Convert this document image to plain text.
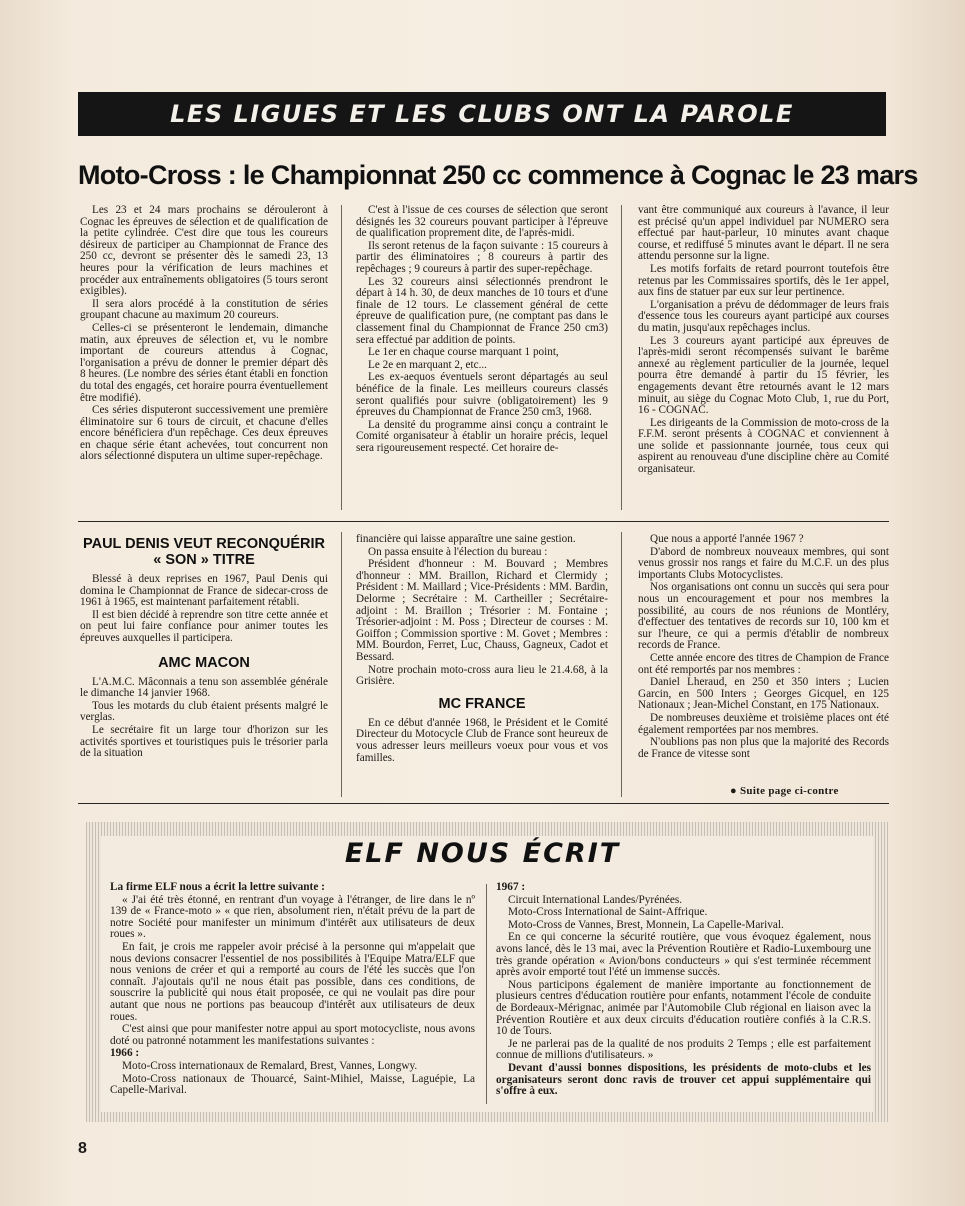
LES LIGUES ET LES CLUBS ONT LA PAROLE
Moto-Cross : le Championnat 250 cc commence à Cognac le 23 mars

Les 23 et 24 mars prochains se dérouleront à Cognac les épreuves de sélection et de qualification de la petite cylindrée. C'est dire que tous les coureurs désireux de participer au Championnat de France des 250 cc, devront se présenter dès le samedi 23, 13 heures pour la vérification de leurs machines et procéder aux entraînements obligatoires (5 tours seront exigibles).

Il sera alors procédé à la constitution de séries groupant chacune au maximum 20 coureurs.

Celles-ci se présenteront le lendemain, dimanche matin, aux épreuves de sélection et, vu le nombre important de coureurs attendus à Cognac, l'organisation a prévu de donner le premier départ dès 8 heures. (Le nombre des séries étant établi en fonction du total des engagés, cet horaire pourra éventuellement être modifié).

Ces séries disputeront successivement une première éliminatoire sur 6 tours de circuit, et chacune d'elles encore bénéficiera d'un repêchage. Ces deux épreuves en chaque série étant achevées, tout concurrent non alors sélectionné disputera un ultime super-repêchage.

C'est à l'issue de ces courses de sélection que seront désignés les 32 coureurs pouvant participer à l'épreuve de qualification proprement dite, de l'après-midi.

Ils seront retenus de la façon suivante : 15 coureurs à partir des éliminatoires ; 8 coureurs à partir des repêchages ; 9 coureurs à partir des super-repêchage.

Les 32 coureurs ainsi sélectionnés prendront le départ à 14 h. 30, de deux manches de 10 tours et d'une finale de 12 tours. Le classement général de cette épreuve de qualification pure, (ne comptant pas dans le classement final du Championnat de France 250 cm3) sera effectué par addition de points.

Le 1er en chaque course marquant 1 point,

Le 2e en marquant 2, etc...

Les ex-aequos éventuels seront départagés au seul bénéfice de la finale. Les meilleurs coureurs classés seront qualifiés pour suivre (obligatoirement) les 9 épreuves du Championnat de France 250 cm3, 1968.

La densité du programme ainsi conçu a contraint le Comité organisateur à établir un horaire précis, lequel sera rigoureusement respecté. Cet horaire de-

vant être communiqué aux coureurs à l'avance, il leur est précisé qu'un appel individuel par NUMERO sera effectué par haut-parleur, 10 minutes avant chaque course, et rediffusé 5 minutes avant le départ. Il ne sera attendu personne sur la ligne.

Les motifs forfaits de retard pourront toutefois être retenus par les Commissaires sportifs, dès le 1er appel, aux fins de statuer par eux sur leur pertinence.

L'organisation a prévu de dédommager de leurs frais d'essence tous les coureurs ayant participé aux courses du matin, jusqu'aux repêchages inclus.

Les 3 coureurs ayant participé aux épreuves de l'après-midi seront récompensés suivant le barême annexé au règlement particulier de la journée, lequel pourra être demandé à partir du 15 février, les engagements devant être retournés avant le 12 mars minuit, au siège du Cognac Moto Club, 1, rue du Port, 16 - COGNAC.

Les dirigeants de la Commission de moto-cross de la F.F.M. seront présents à COGNAC et conviennent à une solide et passionnante journée, tous ceux qui aspirent au renouveau d'une discipline chère au Comité organisateur.

PAUL DENIS VEUT RECONQUÉRIR « SON » TITRE

Blessé à deux reprises en 1967, Paul Denis qui domina le Championnat de France de sidecar-cross de 1961 à 1965, est maintenant parfaitement rétabli.

Il est bien décidé à reprendre son titre cette année et on peut lui faire confiance pour animer toutes les épreuves auxquelles il participera.

AMC MACON

L'A.M.C. Mâconnais a tenu son assemblée générale le dimanche 14 janvier 1968.

Tous les motards du club étaient présents malgré le verglas.

Le secrétaire fit un large tour d'horizon sur les activités sportives et touristiques puis le trésorier parla de la situation

financière qui laisse apparaître une saine gestion.

On passa ensuite à l'élection du bureau :

Président d'honneur : M. Bouvard ; Membres d'honneur : MM. Braillon, Richard et Clermidy ; Président : M. Maillard ; Vice-Présidents : MM. Bardin, Delorme ; Secrétaire : M. Cartheiller ; Secrétaire-adjoint : M. Braillon ; Trésorier : M. Fontaine ; Trésorier-adjoint : M. Poss ; Directeur de courses : M. Goiffon ; Commission sportive : M. Govet ; Membres : MM. Bourdon, Ferret, Luc, Chauss, Gagneux, Cadot et Bessard.

Notre prochain moto-cross aura lieu le 21.4.68, à la Grisière.

MC FRANCE

En ce début d'année 1968, le Président et le Comité Directeur du Motocycle Club de France sont heureux de vous adresser leurs meilleurs voeux pour vous et vos familles.

Que nous a apporté l'année 1967 ?

D'abord de nombreux nouveaux membres, qui sont venus grossir nos rangs et faire du M.C.F. un des plus importants Clubs Motocyclistes.

Nos organisations ont connu un succès qui sera pour nous un encouragement et pour nos membres la possibilité, au cours de nos réunions de Montléry, d'effectuer des tentatives de records sur 10, 100 km et sur l'heure, ce qui a permis d'établir de nombreux records de France.

Cette année encore des titres de Champion de France ont été remportés par nos membres :

Daniel Lheraud, en 250 et 350 inters ; Lucien Garcin, en 500 Inters ; Georges Gicquel, en 125 Nationaux ; Jean-Michel Constant, en 175 Nationaux.

De nombreuses deuxième et troisième places ont été également remportées par nos membres.

N'oublions pas non plus que la majorité des Records de France de vitesse sont

● Suite page ci-contre
ELF NOUS ÉCRIT

La firme ELF nous a écrit la lettre suivante :

« J'ai été très étonné, en rentrant d'un voyage à l'étranger, de lire dans le nº 139 de « France-moto » « que rien, absolument rien, n'était prévu de la part de notre Société pour manifester un minimum d'intérêt aux utilisateurs de deux roues ».

En fait, je crois me rappeler avoir précisé à la personne qui m'appelait que nous devions consacrer l'essentiel de nos possibilités à l'Equipe Matra/ELF que nous venions de créer et qui a remporté au cours de l'été les succès que l'on connaît. J'ajoutais qu'il ne nous était pas possible, dans ces conditions, de souscrire la publicité qui nous était proposée, ce qui ne voulait pas dire pour autant que nous ne portions pas beaucoup d'intérêt aux utilisateurs de deux roues.

C'est ainsi que pour manifester notre appui au sport motocycliste, nous avons doté ou patronné notamment les manifestations suivantes :

1966 :

Moto-Cross internationaux de Remalard, Brest, Vannes, Longwy.

Moto-Cross nationaux de Thouarcé, Saint-Mihiel, Maisse, Laguépie, La Capelle-Marival.

1967 :

Circuit International Landes/Pyrénées.

Moto-Cross International de Saint-Affrique.

Moto-Cross de Vannes, Brest, Monnein, La Capelle-Marival.

En ce qui concerne la sécurité routière, que vous évoquez également, nous avons lancé, dès le 13 mai, avec la Prévention Routière et Radio-Luxembourg une très grande opération « Avion/bons conducteurs » qui s'est terminée récemment après avoir emporté tout l'été un immense succès.

Nous participons également de manière importante au fonctionnement de plusieurs centres d'éducation routière pour enfants, notamment l'école de conduite de Bordeaux-Mérignac, animée par l'Automobile Club régional en liaison avec la Prévention Routière et aux deux circuits d'éducation routière confiés à la C.R.S. 10 de Tours.

Je ne parlerai pas de la qualité de nos produits 2 Temps ; elle est parfaitement connue de millions d'utilisateurs. »

Devant d'aussi bonnes dispositions, les présidents de moto-clubs et les organisateurs seront donc ravis de trouver cet appui supplémentaire qui s'offre à eux.

8
